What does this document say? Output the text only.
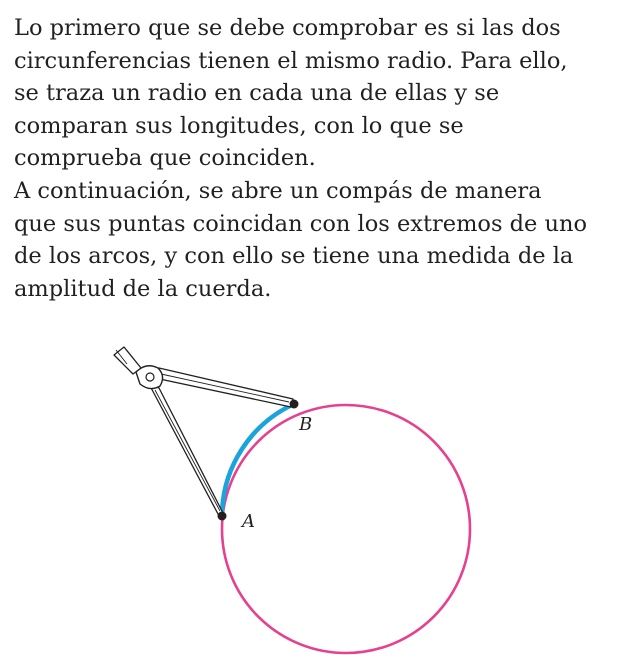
Lo primero que se debe comprobar es si las dos
circunferencias tienen el mismo radio. Para ello,
se traza un radio en cada una de ellas y se
comparan sus longitudes, con lo que se
comprueba que coinciden.
A continuación, se abre un compás de manera
que sus puntas coincidan con los extremos de uno
de los arcos, y con ello se tiene una medida de la
amplitud de la cuerda.
A
B
